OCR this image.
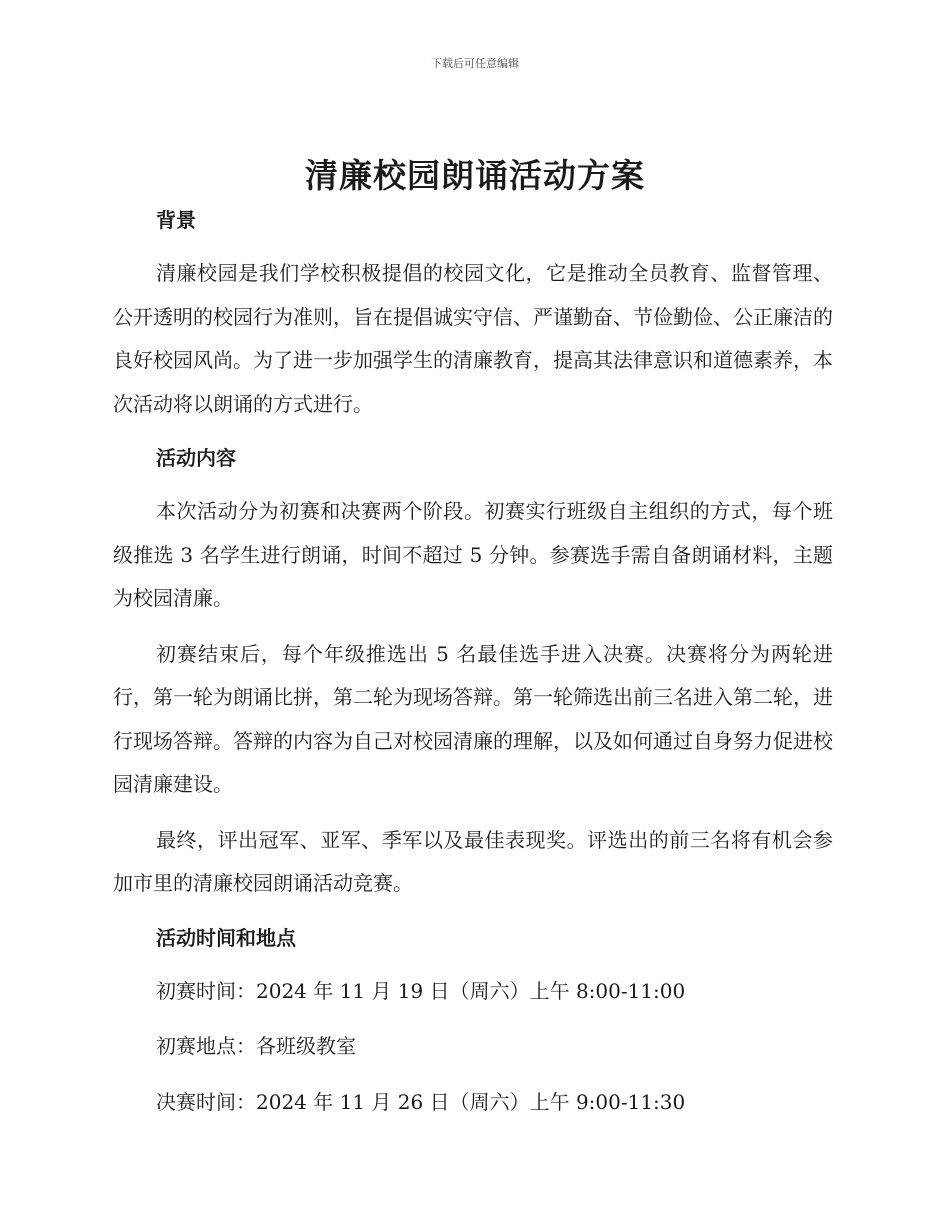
下载后可任意编辑
清廉校园朗诵活动方案
背景

清廉校园是我们学校积极提倡的校园文化，它是推动全员教育、监督管理、公开透明的校园行为准则，旨在提倡诚实守信、严谨勤奋、节俭勤俭、公正廉洁的良好校园风尚。为了进一步加强学生的清廉教育，提高其法律意识和道德素养，本次活动将以朗诵的方式进行。

活动内容

本次活动分为初赛和决赛两个阶段。初赛实行班级自主组织的方式，每个班级推选 3 名学生进行朗诵，时间不超过 5 分钟。参赛选手需自备朗诵材料，主题为校园清廉。

初赛结束后，每个年级推选出 5 名最佳选手进入决赛。决赛将分为两轮进行，第一轮为朗诵比拼，第二轮为现场答辩。第一轮筛选出前三名进入第二轮，进行现场答辩。答辩的内容为自己对校园清廉的理解，以及如何通过自身努力促进校园清廉建设。

最终，评出冠军、亚军、季军以及最佳表现奖。评选出的前三名将有机会参加市里的清廉校园朗诵活动竞赛。

活动时间和地点

初赛时间：2024 年 11 月 19 日（周六）上午 8:00-11:00

初赛地点：各班级教室

决赛时间：2024 年 11 月 26 日（周六）上午 9:00-11:30
